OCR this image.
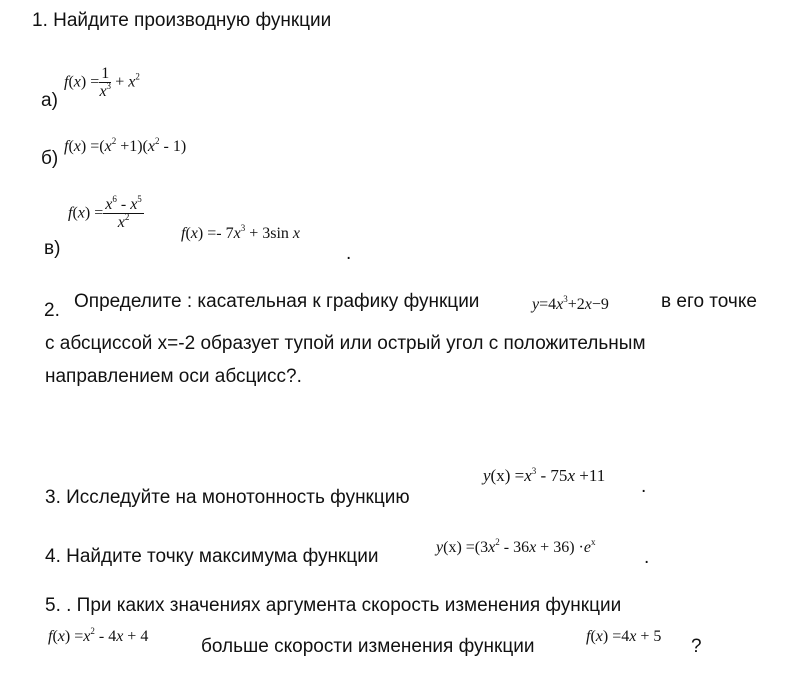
1. Найдите производную функции
а)
$f(x) = \frac{1}{x^3} + x^2$
б)
$f(x) =(x^2 +1)(x^2 - 1)$
в)
$f(x) = \frac{x^6 - x^5}{x^2}$
$f(x) =- 7x^3 + 3\sin$ x
.
2. Определите : касательная к графику функции	$y=4x^3+2x-9$	в его точке
с абсциссой х=-2 образует тупой или острый угол с положительным
направлением оси абсцисс?.
3. Исследуйте на монотонность функцию
$y(x) =x^3 - 75x +11$
.
4. Найдите точку максимума функции	$y(x) =(3x^2 - 36x + 36) \cdot e^x$
.
5. . При каких значениях аргумента скорость изменения функции
$f(x) =x^2 - 4x + 4$	больше скорости изменения функции	f(x) =4x + 5 ?
